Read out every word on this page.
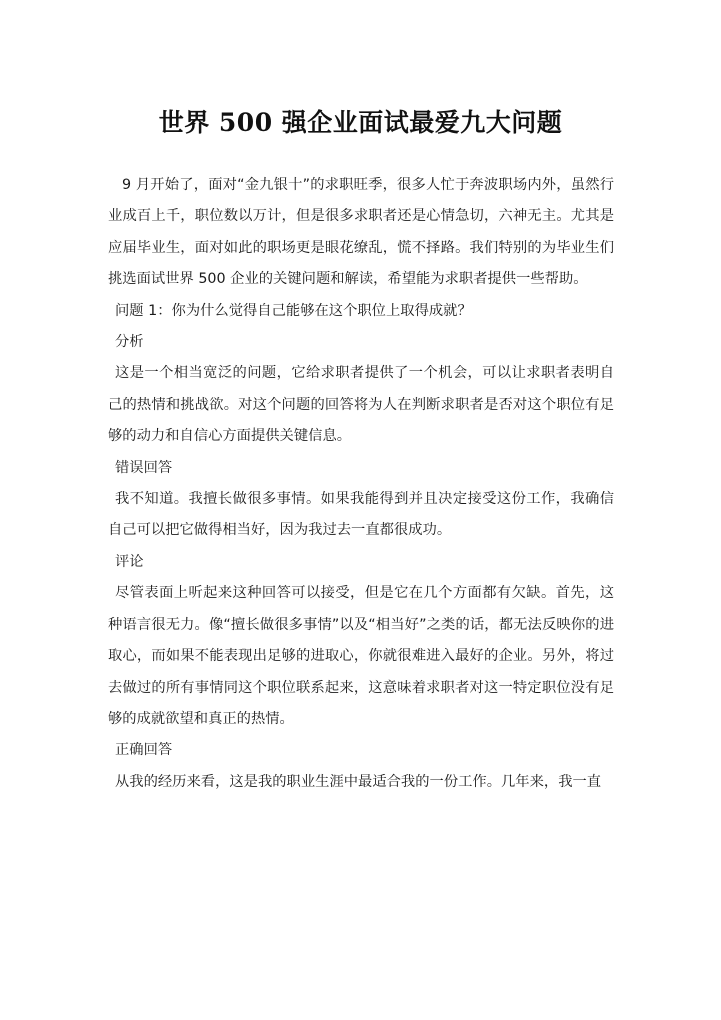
世界 500 强企业面试最爱九大问题

9 月开始了，面对“金九银十”的求职旺季，很多人忙于奔波职场内外，虽然行业成百上千，职位数以万计，但是很多求职者还是心情急切，六神无主。尤其是应届毕业生，面对如此的职场更是眼花缭乱，慌不择路。我们特别的为毕业生们挑选面试世界 500 企业的关键问题和解读，希望能为求职者提供一些帮助。

问题 1：你为什么觉得自己能够在这个职位上取得成就？

分析

这是一个相当宽泛的问题，它给求职者提供了一个机会，可以让求职者表明自己的热情和挑战欲。对这个问题的回答将为人在判断求职者是否对这个职位有足够的动力和自信心方面提供关键信息。

错误回答

我不知道。我擅长做很多事情。如果我能得到并且决定接受这份工作，我确信自己可以把它做得相当好，因为我过去一直都很成功。

评论

尽管表面上听起来这种回答可以接受，但是它在几个方面都有欠缺。首先，这种语言很无力。像“擅长做很多事情”以及“相当好”之类的话，都无法反映你的进取心，而如果不能表现出足够的进取心，你就很难进入最好的企业。另外，将过去做过的所有事情同这个职位联系起来，这意味着求职者对这一特定职位没有足够的成就欲望和真正的热情。

正确回答

从我的经历来看，这是我的职业生涯中最适合我的一份工作。几年来，我一直
